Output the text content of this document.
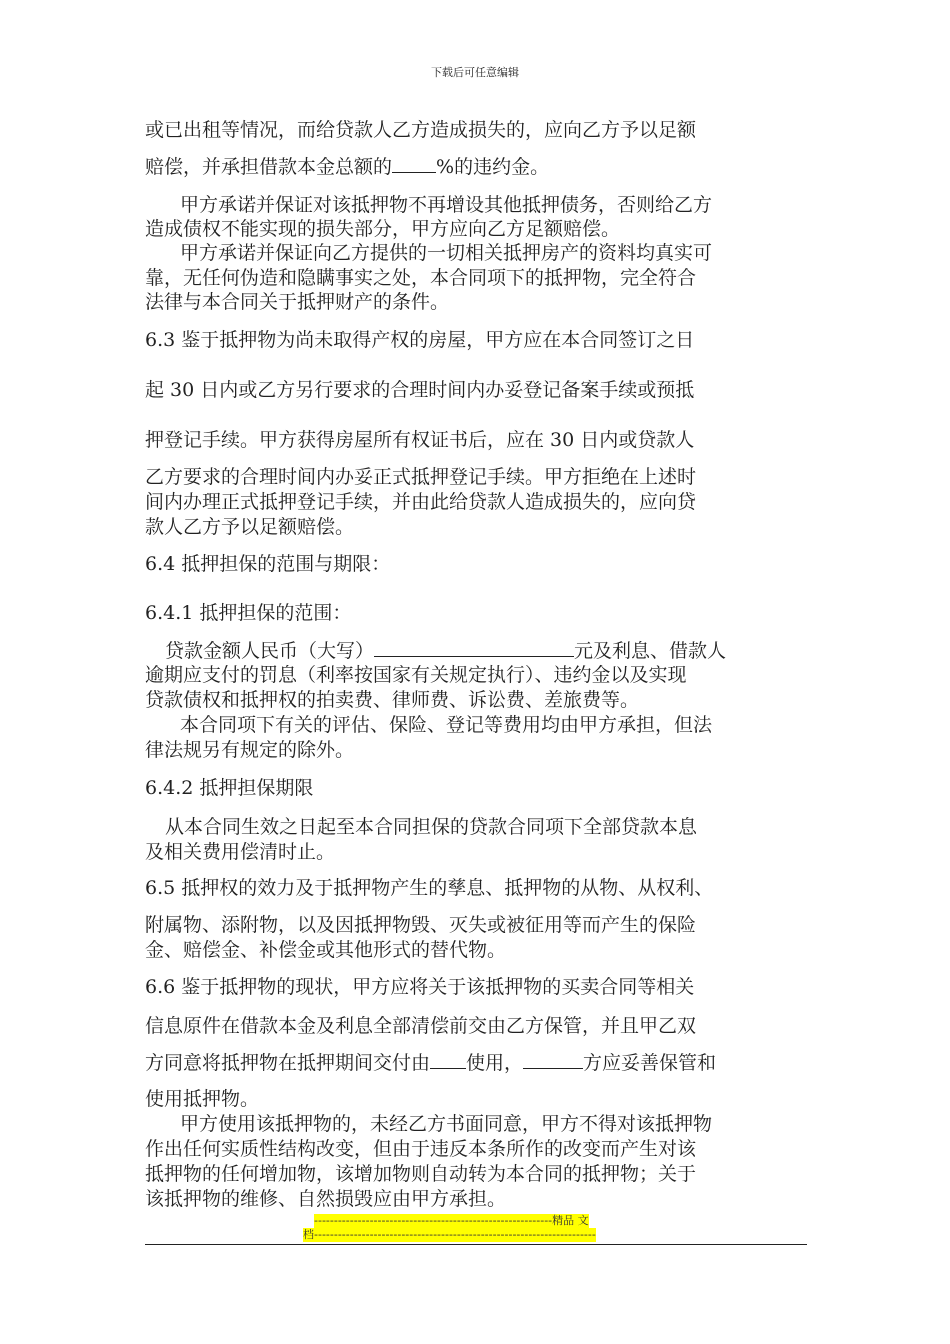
下载后可任意编辑
或已出租等情况，而给贷款人乙方造成损失的，应向乙方予以足额
赔偿，并承担借款本金总额的 %的违约金。
甲方承诺并保证对该抵押物不再增设其他抵押债务，否则给乙方
造成债权不能实现的损失部分，甲方应向乙方足额赔偿。
甲方承诺并保证向乙方提供的一切相关抵押房产的资料均真实可
靠，无任何伪造和隐瞒事实之处，本合同项下的抵押物，完全符合
法律与本合同关于抵押财产的条件。
6.3 鉴于抵押物为尚未取得产权的房屋，甲方应在本合同签订之日
起 30 日内或乙方另行要求的合理时间内办妥登记备案手续或预抵
押登记手续。甲方获得房屋所有权证书后，应在 30 日内或贷款人
乙方要求的合理时间内办妥正式抵押登记手续。甲方拒绝在上述时
间内办理正式抵押登记手续，并由此给贷款人造成损失的，应向贷
款人乙方予以足额赔偿。
6.4 抵押担保的范围与期限：
6.4.1 抵押担保的范围：
贷款金额人民币（大写）	元及利息、借款人
逾期应支付的罚息（利率按国家有关规定执行）、违约金以及实现
贷款债权和抵押权的拍卖费、律师费、诉讼费、差旅费等。
本合同项下有关的评估、保险、登记等费用均由甲方承担，但法
律法规另有规定的除外。
6.4.2 抵押担保期限
从本合同生效之日起至本合同担保的贷款合同项下全部贷款本息
及相关费用偿清时止。
6.5 抵押权的效力及于抵押物产生的孳息、抵押物的从物、从权利、
附属物、添附物，以及因抵押物毁、灭失或被征用等而产生的保险
金、赔偿金、补偿金或其他形式的替代物。
6.6 鉴于抵押物的现状，甲方应将关于该抵押物的买卖合同等相关
信息原件在借款本金及利息全部清偿前交由乙方保管，并且甲乙双
方同意将抵押物在抵押期间交付由 使用，	方应妥善保管和
使用抵押物。
甲方使用该抵押物的，未经乙方书面同意，甲方不得对该抵押物
作出任何实质性结构改变，但由于违反本条所作的改变而产生对该
抵押物的任何增加物，该增加物则自动转为本合同的抵押物；关于
该抵押物的维修、自然损毁应由甲方承担。
------------------------------------------------------------精品 文
档-----------------------------------------------------------------------
